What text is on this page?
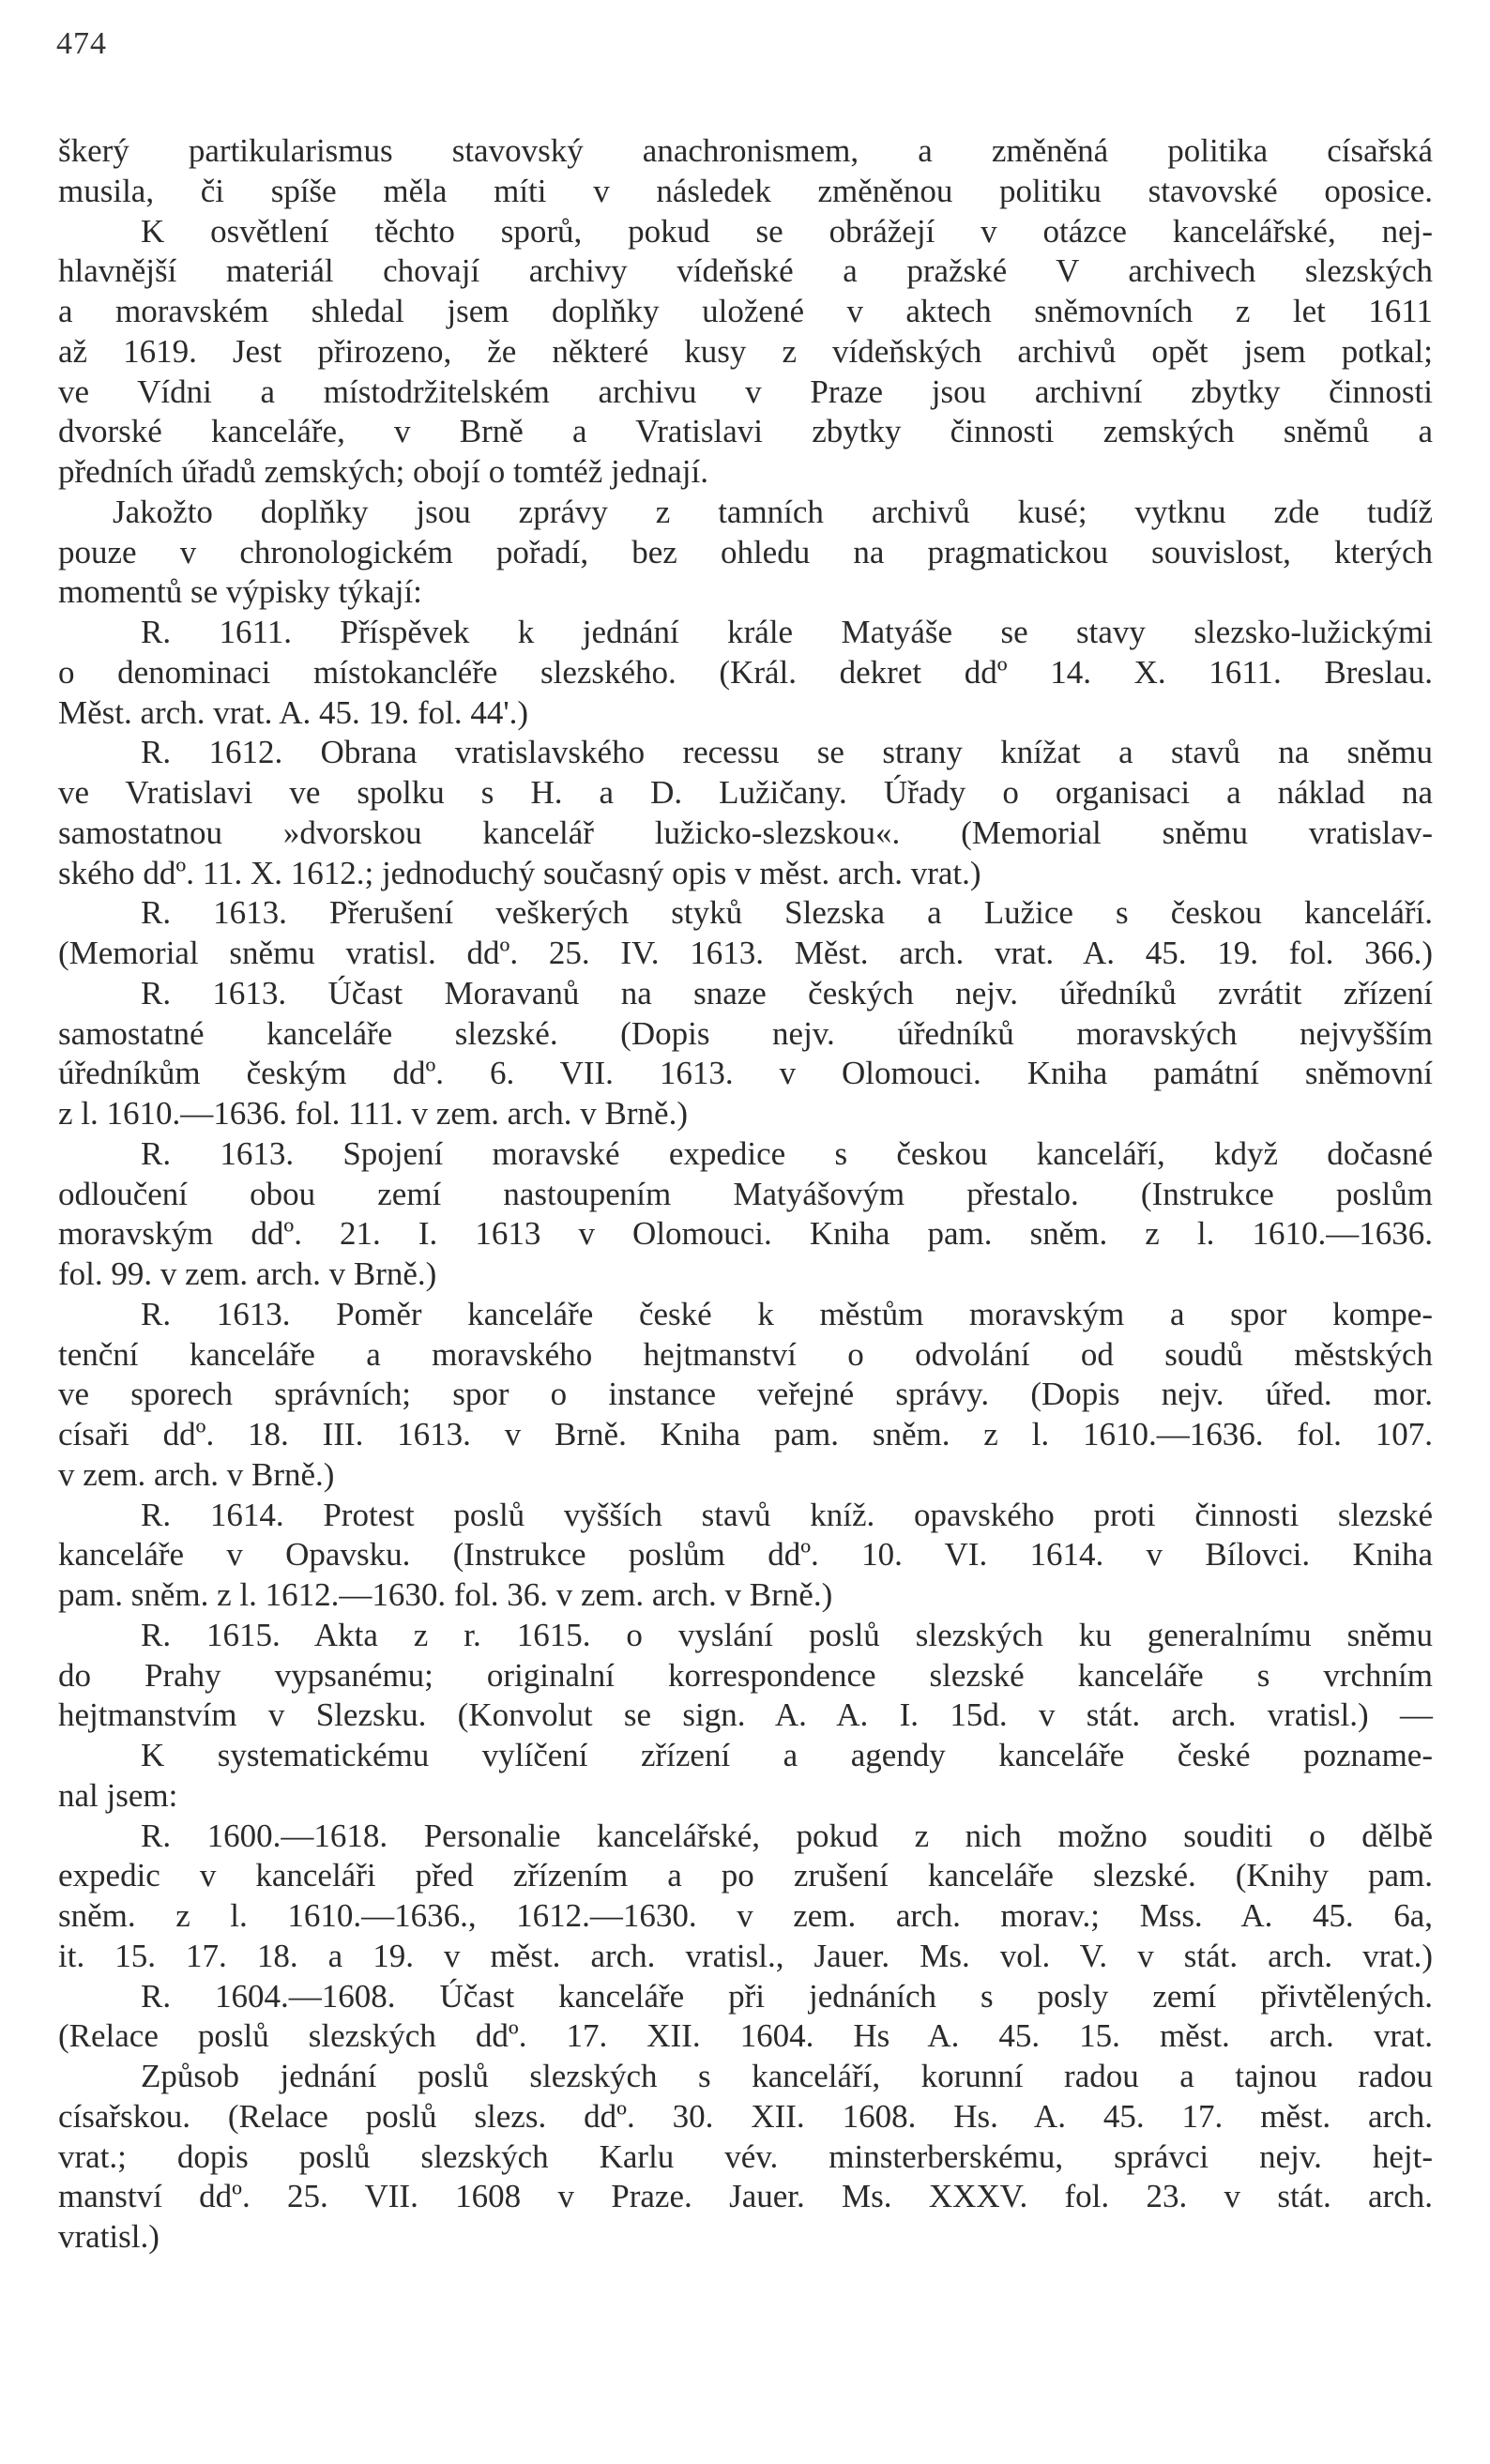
474
škerý partikularismus stavovský anachronismem, a změněná politika císařská
musila, či spíše měla míti v následek změněnou politiku stavovské oposice.
K osvětlení těchto sporů, pokud se obrážejí v otázce kancelářské, nej-
hlavnější materiál chovají archivy vídeňské a pražské V archivech slezských
a moravském shledal jsem doplňky uložené v aktech sněmovních z let 1611
až 1619. Jest přirozeno, že některé kusy z vídeňských archivů opět jsem potkal;
ve Vídni a místodržitelském archivu v Praze jsou archivní zbytky činnosti
dvorské kanceláře, v Brně a Vratislavi zbytky činnosti zemských sněmů a
předních úřadů zemských; obojí o tomtéž jednají.
Jakožto doplňky jsou zprávy z tamních archivů kusé; vytknu zde tudíž
pouze v chronologickém pořadí, bez ohledu na pragmatickou souvislost, kterých
momentů se výpisky týkají:
R. 1611. Příspěvek k jednání krále Matyáše se stavy slezsko-lužickými
o denominaci místokancléře slezského. (Král. dekret ddº 14. X. 1611. Breslau.
Měst. arch. vrat. A. 45. 19. fol. 44'.)
R. 1612. Obrana vratislavského recessu se strany knížat a stavů na sněmu
ve Vratislavi ve spolku s H. a D. Lužičany. Úřady o organisaci a náklad na
samostatnou »dvorskou kancelář lužicko-slezskou«. (Memorial sněmu vratislav-
ského ddº. 11. X. 1612.; jednoduchý současný opis v měst. arch. vrat.)
R. 1613. Přerušení veškerých styků Slezska a Lužice s českou kanceláří.
(Memorial sněmu vratisl. ddº. 25. IV. 1613. Měst. arch. vrat. A. 45. 19. fol. 366.)
R. 1613. Účast Moravanů na snaze českých nejv. úředníků zvrátit zřízení
samostatné kanceláře slezské. (Dopis nejv. úředníků moravských nejvyšším
úředníkům českým ddº. 6. VII. 1613. v Olomouci. Kniha památní sněmovní
z l. 1610.—1636. fol. 111. v zem. arch. v Brně.)
R. 1613. Spojení moravské expedice s českou kanceláří, když dočasné
odloučení obou zemí nastoupením Matyášovým přestalo. (Instrukce poslům
moravským ddº. 21. I. 1613 v Olomouci. Kniha pam. sněm. z l. 1610.—1636.
fol. 99. v zem. arch. v Brně.)
R. 1613. Poměr kanceláře české k městům moravským a spor kompe-
tenční kanceláře a moravského hejtmanství o odvolání od soudů městských
ve sporech správních; spor o instance veřejné správy. (Dopis nejv. úřed. mor.
císaři ddº. 18. III. 1613. v Brně. Kniha pam. sněm. z l. 1610.—1636. fol. 107.
v zem. arch. v Brně.)
R. 1614. Protest poslů vyšších stavů kníž. opavského proti činnosti slezské
kanceláře v Opavsku. (Instrukce poslům ddº. 10. VI. 1614. v Bílovci. Kniha
pam. sněm. z l. 1612.—1630. fol. 36. v zem. arch. v Brně.)
R. 1615. Akta z r. 1615. o vyslání poslů slezských ku generalnímu sněmu
do Prahy vypsanému; originalní korrespondence slezské kanceláře s vrchním
hejtmanstvím v Slezsku. (Konvolut se sign. A. A. I. 15d. v stát. arch. vratisl.) —
K systematickému vylíčení zřízení a agendy kanceláře české poznamе-
nal jsem:
R. 1600.—1618. Personalie kancelářské, pokud z nich možno souditi o dělbě
expedic v kanceláři před zřízením a po zrušení kanceláře slezské. (Knihy pam.
sněm. z l. 1610.—1636., 1612.—1630. v zem. arch. morav.; Mss. A. 45. 6a,
it. 15. 17. 18. a 19. v měst. arch. vratisl., Jauer. Ms. vol. V. v stát. arch. vrat.)
R. 1604.—1608. Účast kanceláře při jednáních s posly zemí přivtělených.
(Relace poslů slezských ddº. 17. XII. 1604. Hs A. 45. 15. měst. arch. vrat.
Způsob jednání poslů slezských s kanceláří, korunní radou a tajnou radou
císařskou. (Relace poslů slezs. ddº. 30. XII. 1608. Hs. A. 45. 17. měst. arch.
vrat.; dopis poslů slezských Karlu vév. minsterberskému, správci nejv. hejt-
manství ddº. 25. VII. 1608 v Praze. Jauer. Ms. XXXV. fol. 23. v stát. arch.
vratisl.)
